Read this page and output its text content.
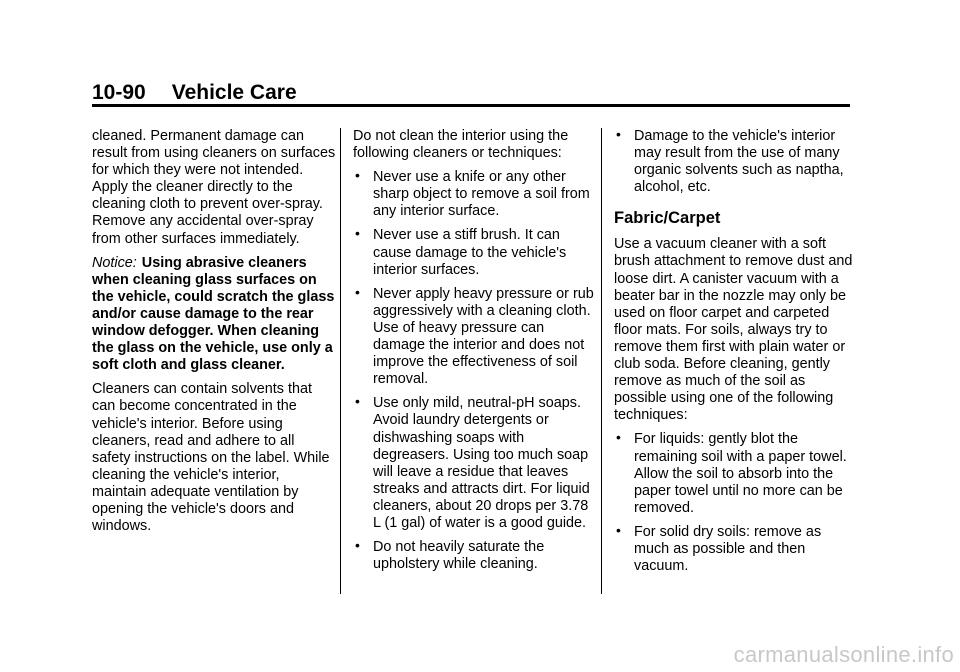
10-90 Vehicle Care

cleaned. Permanent damage can result from using cleaners on surfaces for which they were not intended. Apply the cleaner directly to the cleaning cloth to prevent over-spray. Remove any accidental over-spray from other surfaces immediately.

Notice: Using abrasive cleaners when cleaning glass surfaces on the vehicle, could scratch the glass and/or cause damage to the rear window defogger. When cleaning the glass on the vehicle, use only a soft cloth and glass cleaner.

Cleaners can contain solvents that can become concentrated in the vehicle's interior. Before using cleaners, read and adhere to all safety instructions on the label. While cleaning the vehicle's interior, maintain adequate ventilation by opening the vehicle's doors and windows.

Do not clean the interior using the following cleaners or techniques:

• Never use a knife or any other sharp object to remove a soil from any interior surface.
• Never use a stiff brush. It can cause damage to the vehicle's interior surfaces.
• Never apply heavy pressure or rub aggressively with a cleaning cloth. Use of heavy pressure can damage the interior and does not improve the effectiveness of soil removal.
• Use only mild, neutral-pH soaps. Avoid laundry detergents or dishwashing soaps with degreasers. Using too much soap will leave a residue that leaves streaks and attracts dirt. For liquid cleaners, about 20 drops per 3.78 L (1 gal) of water is a good guide.
• Do not heavily saturate the upholstery while cleaning.
• Damage to the vehicle's interior may result from the use of many organic solvents such as naptha, alcohol, etc.
Fabric/Carpet

Use a vacuum cleaner with a soft brush attachment to remove dust and loose dirt. A canister vacuum with a beater bar in the nozzle may only be used on floor carpet and carpeted floor mats. For soils, always try to remove them first with plain water or club soda. Before cleaning, gently remove as much of the soil as possible using one of the following techniques:

• For liquids: gently blot the remaining soil with a paper towel. Allow the soil to absorb into the paper towel until no more can be removed.
• For solid dry soils: remove as much as possible and then vacuum.
carmanualsonline.info
